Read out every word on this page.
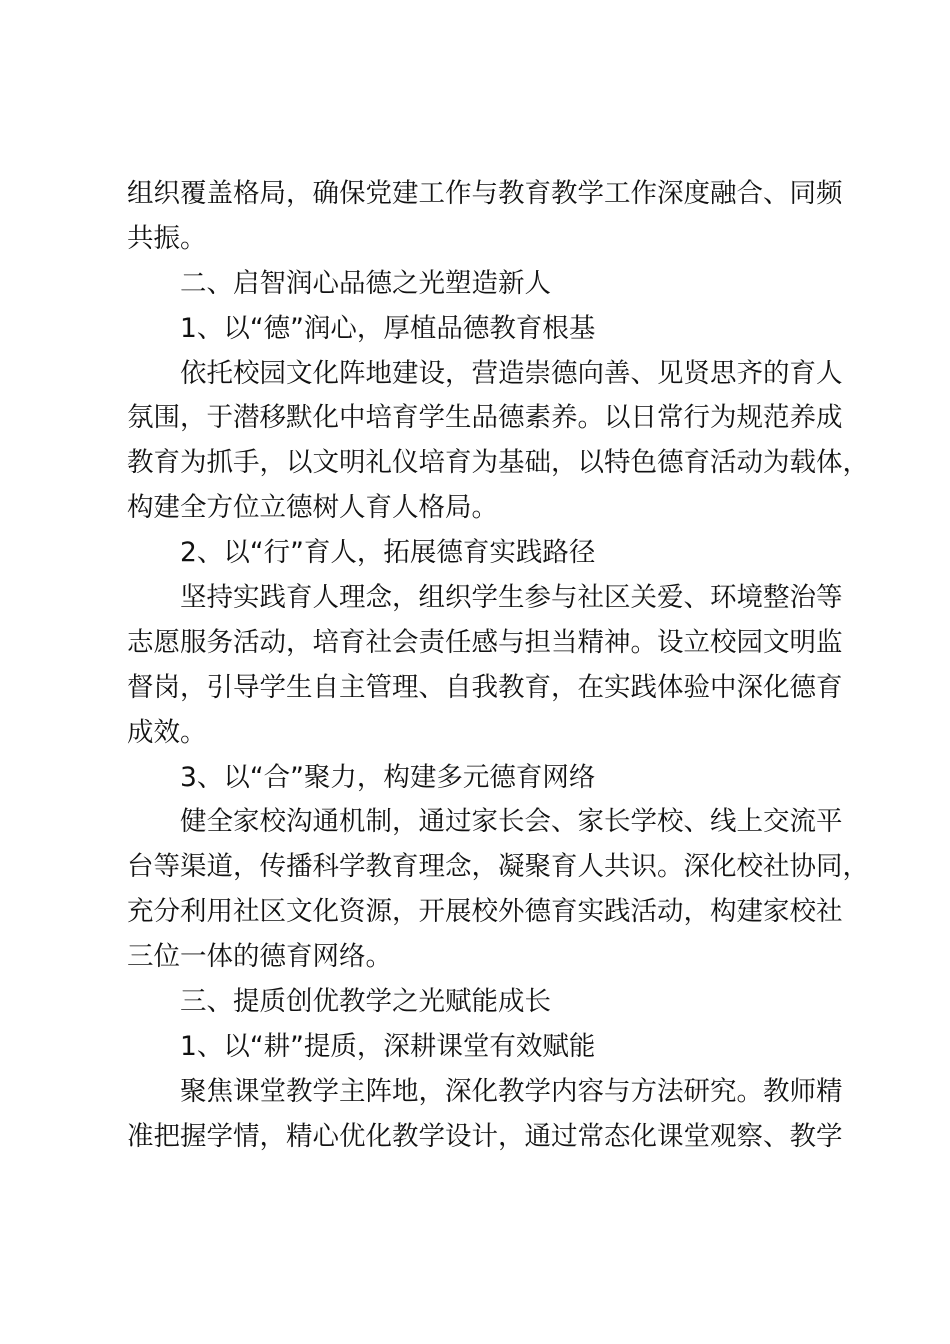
组织覆盖格局，确保党建工作与教育教学工作深度融合、同频
共振。
二、启智润心品德之光塑造新人
1、以“德”润心，厚植品德教育根基
依托校园文化阵地建设，营造崇德向善、见贤思齐的育人
氛围，于潜移默化中培育学生品德素养。以日常行为规范养成
教育为抓手，以文明礼仪培育为基础，以特色德育活动为载体，
构建全方位立德树人育人格局。
2、以“行”育人，拓展德育实践路径
坚持实践育人理念，组织学生参与社区关爱、环境整治等
志愿服务活动，培育社会责任感与担当精神。设立校园文明监
督岗，引导学生自主管理、自我教育，在实践体验中深化德育
成效。
3、以“合”聚力，构建多元德育网络
健全家校沟通机制，通过家长会、家长学校、线上交流平
台等渠道，传播科学教育理念，凝聚育人共识。深化校社协同，
充分利用社区文化资源，开展校外德育实践活动，构建家校社
三位一体的德育网络。
三、提质创优教学之光赋能成长
1、以“耕”提质，深耕课堂有效赋能
聚焦课堂教学主阵地，深化教学内容与方法研究。教师精
准把握学情，精心优化教学设计，通过常态化课堂观察、教学
